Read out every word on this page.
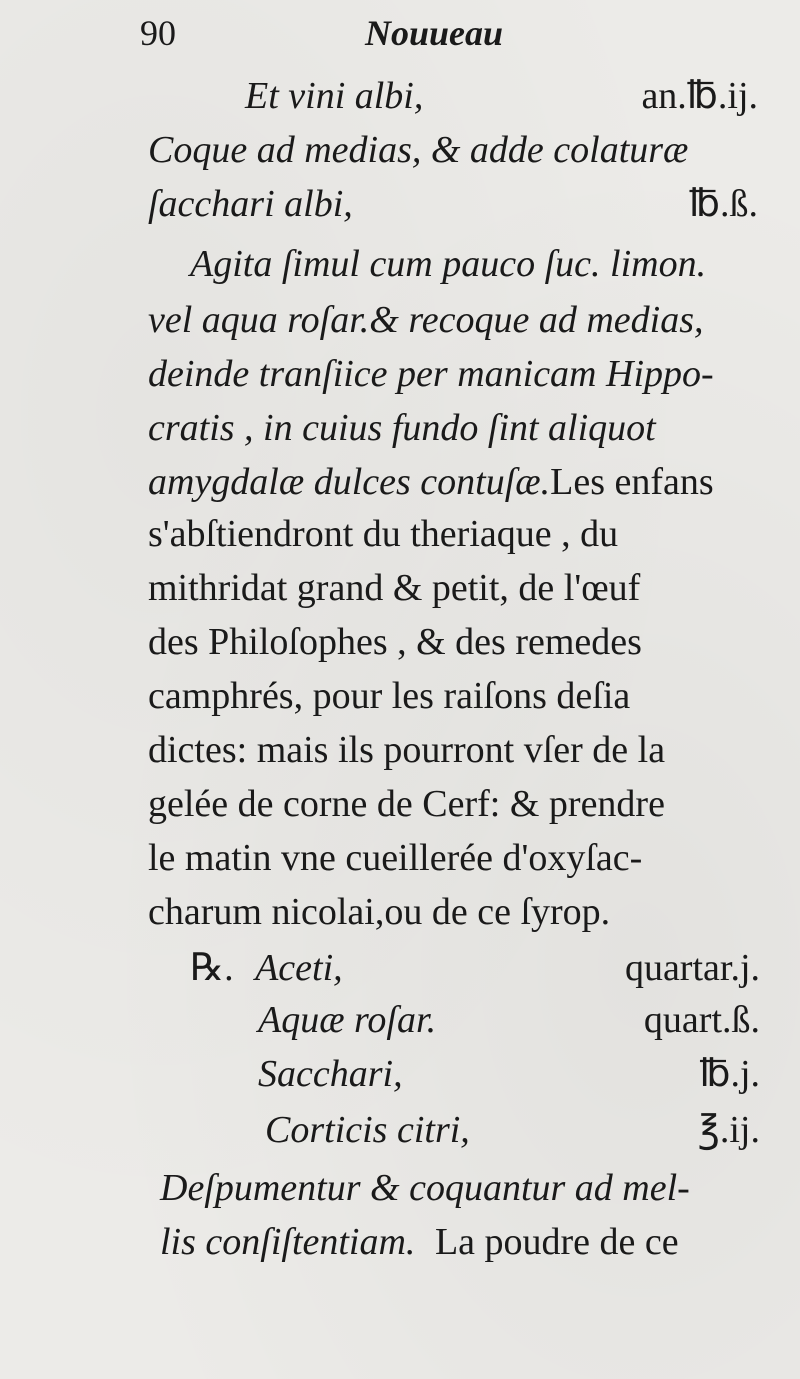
90	Nouueau
Et vini albi,	an.℔.ij.
Coque ad medias, & adde colaturæ
ſacchari albi,	℔.ß.
Agita ſimul cum pauco ſuc. limon.
vel aqua roſar.& recoque ad medias,
deinde tranſiice per manicam Hippo-
cratis , in cuius fundo ſint aliquot
amygdalæ dulces contuſæ.Les enfans
s'abſtiendront du theriaque , du
mithridat grand & petit, de l'œuf
des Philoſophes , & des remedes
camphrés, pour les raiſons deſia
dictes: mais ils pourront vſer de la
gelée de corne de Cerf: & prendre
le matin vne cueillerée d'oxyſac-
charum nicolai,ou de ce ſyrop.
℞. Aceti,	quartar.j.
Aquæ roſar.	quart.ß.
Sacchari,	℔.j.
Corticis citri,	℥.ij.
Deſpumentur & coquantur ad mel-
lis conſiſtentiam. La poudre de ce
